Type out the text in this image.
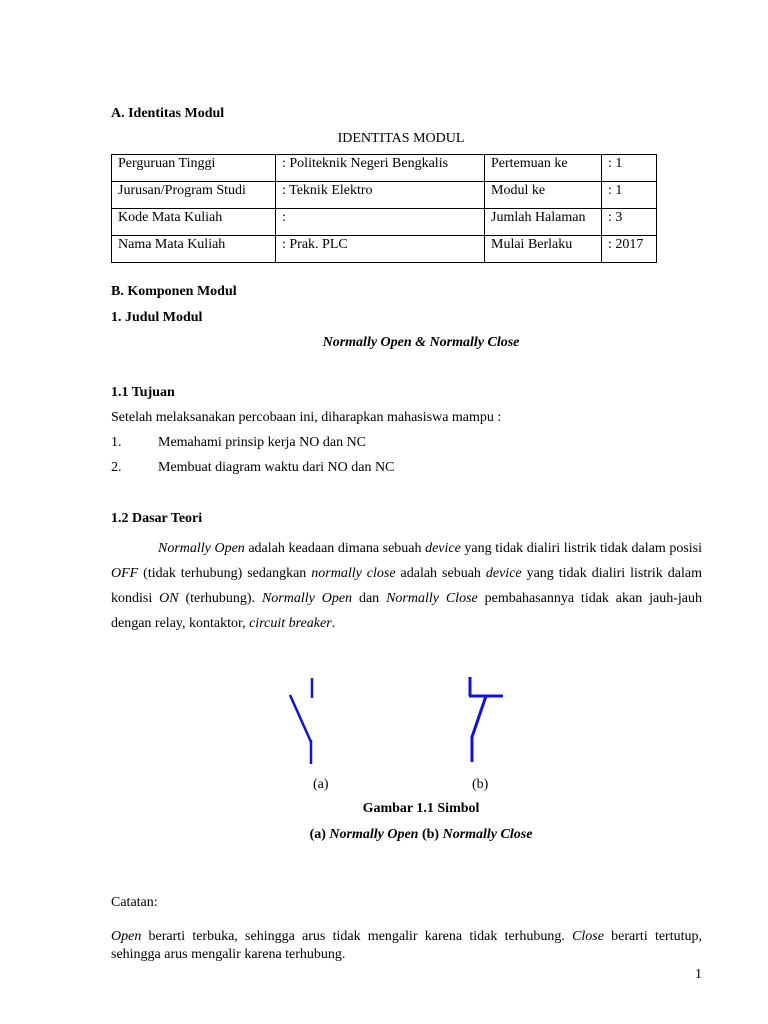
A. Identitas Modul
IDENTITAS MODUL
Perguruan Tinggi	: Politeknik Negeri Bengkalis	Pertemuan ke	: 1
Jurusan/Program Studi	: Teknik Elektro	Modul ke	: 1
Kode Mata Kuliah	:	Jumlah Halaman	: 3
Nama Mata Kuliah	: Prak. PLC	Mulai Berlaku	: 2017
B. Komponen Modul
1. Judul Modul
Normally Open & Normally Close
1.1 Tujuan
Setelah melaksanakan percobaan ini, diharapkan mahasiswa mampu :
1.	Memahami prinsip kerja NO dan NC
2.	Membuat diagram waktu dari NO dan NC
1.2 Dasar Teori
Normally Open adalah keadaan dimana sebuah device yang tidak dialiri listrik tidak dalam posisi OFF (tidak terhubung) sedangkan normally close adalah sebuah device yang tidak dialiri listrik dalam kondisi ON (terhubung). Normally Open dan Normally Close pembahasannya tidak akan jauh-jauh dengan relay, kontaktor, circuit breaker.
(a)	(b)
Gambar 1.1 Simbol
(a) Normally Open (b) Normally Close
Catatan:
Open berarti terbuka, sehingga arus tidak mengalir karena tidak terhubung. Close berarti tertutup, sehingga arus mengalir karena terhubung.
1
